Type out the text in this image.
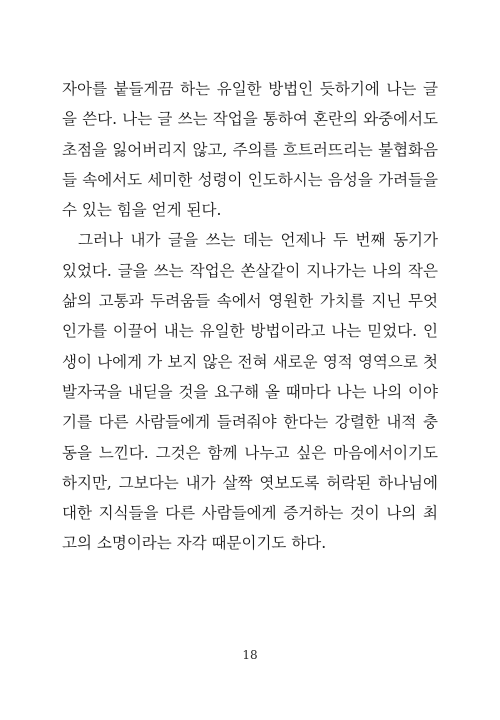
자아를 붙들게끔 하는 유일한 방법인 듯하기에 나는 글
을 쓴다. 나는 글 쓰는 작업을 통하여 혼란의 와중에서도
초점을 잃어버리지 않고, 주의를 흐트러뜨리는 불협화음
들 속에서도 세미한 성령이 인도하시는 음성을 가려들을
수 있는 힘을 얻게 된다.

그러나 내가 글을 쓰는 데는 언제나 두 번째 동기가
있었다. 글을 쓰는 작업은 쏜살같이 지나가는 나의 작은
삶의 고통과 두려움들 속에서 영원한 가치를 지닌 무엇
인가를 이끌어 내는 유일한 방법이라고 나는 믿었다. 인
생이 나에게 가 보지 않은 전혀 새로운 영적 영역으로 첫
발자국을 내딛을 것을 요구해 올 때마다 나는 나의 이야
기를 다른 사람들에게 들려줘야 한다는 강렬한 내적 충
동을 느낀다. 그것은 함께 나누고 싶은 마음에서이기도
하지만, 그보다는 내가 살짝 엿보도록 허락된 하나님에
대한 지식들을 다른 사람들에게 증거하는 것이 나의 최
고의 소명이라는 자각 때문이기도 하다.

18
